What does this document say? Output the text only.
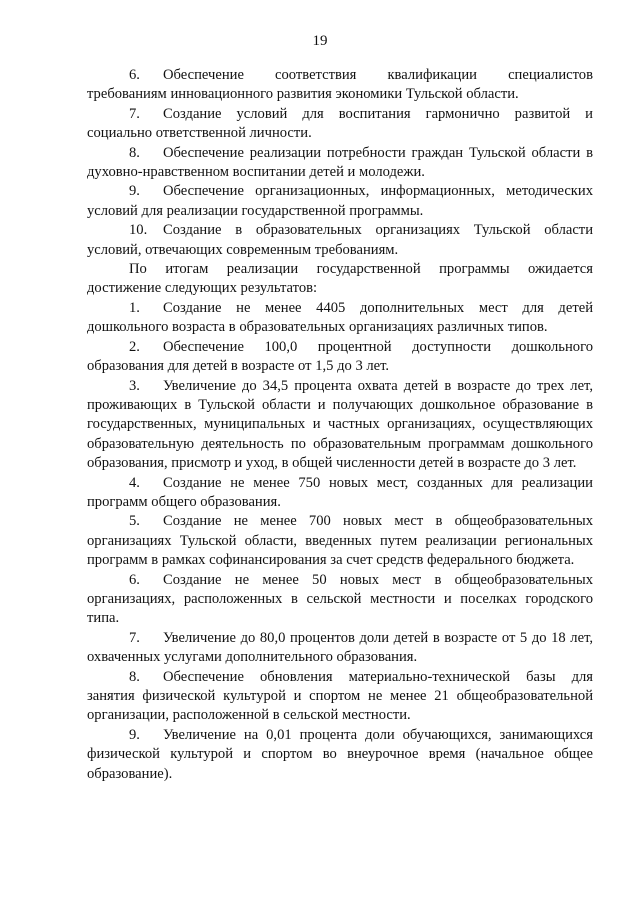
19

6. Обеспечение соответствия квалификации специалистов требованиям инновационного развития экономики Тульской области.

7. Создание условий для воспитания гармонично развитой и социально ответственной личности.

8. Обеспечение реализации потребности граждан Тульской области в духовно-нравственном воспитании детей и молодежи.

9. Обеспечение организационных, информационных, методических условий для реализации государственной программы.

10. Создание в образовательных организациях Тульской области условий, отвечающих современным требованиям.

По итогам реализации государственной программы ожидается достижение следующих результатов:

1. Создание не менее 4405 дополнительных мест для детей дошкольного возраста в образовательных организациях различных типов.

2. Обеспечение 100,0 процентной доступности дошкольного образования для детей в возрасте от 1,5 до 3 лет.

3. Увеличение до 34,5 процента охвата детей в возрасте до трех лет, проживающих в Тульской области и получающих дошкольное образование в государственных, муниципальных и частных организациях, осуществляющих образовательную деятельность по образовательным программам дошкольного образования, присмотр и уход, в общей численности детей в возрасте до 3 лет.

4. Создание не менее 750 новых мест, созданных для реализации программ общего образования.

5. Создание не менее 700 новых мест в общеобразовательных организациях Тульской области, введенных путем реализации региональных программ в рамках софинансирования за счет средств федерального бюджета.

6. Создание не менее 50 новых мест в общеобразовательных организациях, расположенных в сельской местности и поселках городского типа.

7. Увеличение до 80,0 процентов доли детей в возрасте от 5 до 18 лет, охваченных услугами дополнительного образования.

8. Обеспечение обновления материально-технической базы для занятия физической культурой и спортом не менее 21 общеобразовательной организации, расположенной в сельской местности.

9. Увеличение на 0,01 процента доли обучающихся, занимающихся физической культурой и спортом во внеурочное время (начальное общее образование).
